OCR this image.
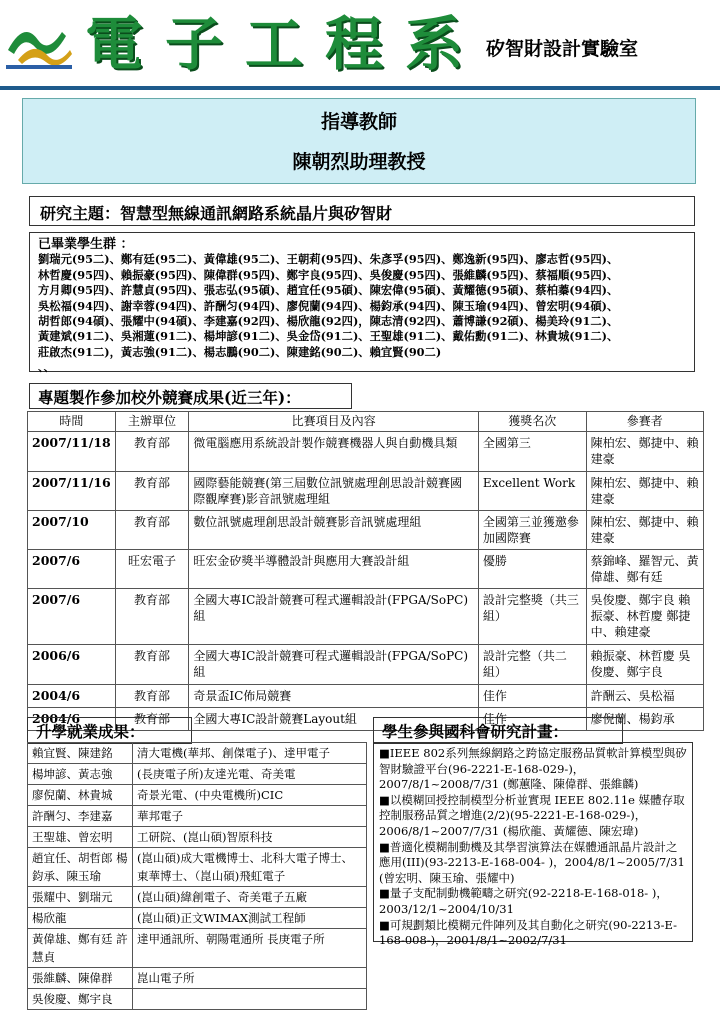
電子工程系 矽智財設計實驗室
指導教師
陳朝烈助理教授
研究主題：智慧型無線通訊網路系統晶片與矽智財
已畢業學生群 ：
劉瑞元(95二)、鄭有廷(95二)、黃偉雄(95二)、王朝莉(95四)、朱彥孚(95四)、鄭逸新(95四)、廖志哲(95四)、
林哲慶(95四)、賴振豪(95四)、陳偉群(95四)、鄭宇良(95四)、吳俊慶(95四)、張維麟(95四)、蔡福順(95四)、
方月卿(95四)、許慧貞(95四)、張志弘(95碩)、趙宜任(95碩)、陳宏偉(95碩)、黃耀德(95碩)、蔡柏蓁(94四)、
吳松福(94四)、謝幸蓉(94四)、許酬匀(94四)、廖倪蘭(94四)、楊鈞承(94四)、陳玉瑜(94四)、曾宏明(94碩)、
胡哲郎(94碩)、張耀中(94碩)、李建嘉(92四)、楊欣龍(92四)，陳志清(92四)、蕭博謙(92碩)、楊美玲(91二)、
黃建斌(91二)、吳湘蓮(91二)、楊坤諺(91二)、吳金岱(91二)、王聖雄(91二)、戴佑勳(91二)、林貴城(91二)、
莊啟杰(91二)，黃志強(91二)、楊志鵬(90二)、陳建銘(90二)、賴宜賢(90二)
、、
專題製作參加校外競賽成果(近三年)：
時間	主辦單位	比賽項目及內容	獲獎名次	參賽者
2007/11/18	教育部	微電腦應用系統設計製作競賽機器人與自動機具類	全國第三	陳柏宏、鄭捷中、賴建豪
2007/11/16	教育部	國際藝能競賽(第三屆數位訊號處理創思設計競賽國際觀摩賽)影音訊號處理組	Excellent Work	陳柏宏、鄭捷中、賴建豪
2007/10	教育部	數位訊號處理創思設計競賽影音訊號處理組	全國第三並獲邀參加國際賽	陳柏宏、鄭捷中、賴建豪
2007/6	旺宏電子	旺宏金矽獎半導體設計與應用大賽設計組	優勝	蔡錦峰、羅智元、黃偉雄、鄭有廷
2007/6	教育部	全國大專IC設計競賽可程式邏輯設計(FPGA/SoPC)組	設計完整獎（共三組）	吳俊慶、鄭宇良 賴振豪、林哲慶 鄭捷中、賴建豪
2006/6	教育部	全國大專IC設計競賽可程式邏輯設計(FPGA/SoPC)組	設計完整（共二組）	賴振豪、林哲慶 吳俊慶、鄭宇良
2004/6	教育部	奇景盃IC佈局競賽	佳作	許酬云、吳松福
2004/6	教育部	全國大專IC設計競賽Layout組	佳作	廖倪蘭、楊鈞承
升學就業成果：
賴宜賢、陳建銘	清大電機(華邦、創傑電子)、達甲電子
楊坤諺、黃志強	(長庚電子所)友達光電、奇美電
廖倪蘭、林貴城	奇景光電、(中央電機所)CIC
許酬匀、李建嘉	華邦電子
王聖雄、曾宏明	工研院、(崑山碩)智原科技
趙宜任、胡哲郎 楊鈞承、陳玉瑜	(崑山碩)成大電機博士、北科大電子博士、東華博士、（崑山碩)飛虹電子
張耀中、劉瑞元	(崑山碩)緯創電子、奇美電子五廠
楊欣龍	(崑山碩)正文WIMAX測試工程師
黃偉雄、鄭有廷 許慧貞	達甲通訊所、朝陽電通所 長庚電子所
張維麟、陳偉群	崑山電子所
吳俊慶、鄭宇良	
學生參與國科會研究計畫：
■IEEE 802系列無線網路之跨協定服務品質軟計算模型與矽智財驗證平台(96-2221-E-168-029-)，2007/8/1~2008/7/31 (鄭蕙隆、陳偉群、張維麟)
■以模糊回授控制模型分析並實現 IEEE 802.11e 媒體存取控制服務品質之增進(2/2)(95-2221-E-168-029-)，2006/8/1~2007/7/31 (楊欣龍、黃耀德、陳宏瑋)
■普適化模糊制動機及其學習演算法在媒體通訊晶片設計之應用(III)(93-2213-E-168-004- )，2004/8/1~2005/7/31 (曾宏明、陳玉瑜、張耀中)
■量子支配制動機範疇之研究(92-2218-E-168-018- )，2003/12/1~2004/10/31
■可規劃類比模糊元件陣列及其自動化之研究(90-2213-E-168-008-)，2001/8/1~2002/7/31
